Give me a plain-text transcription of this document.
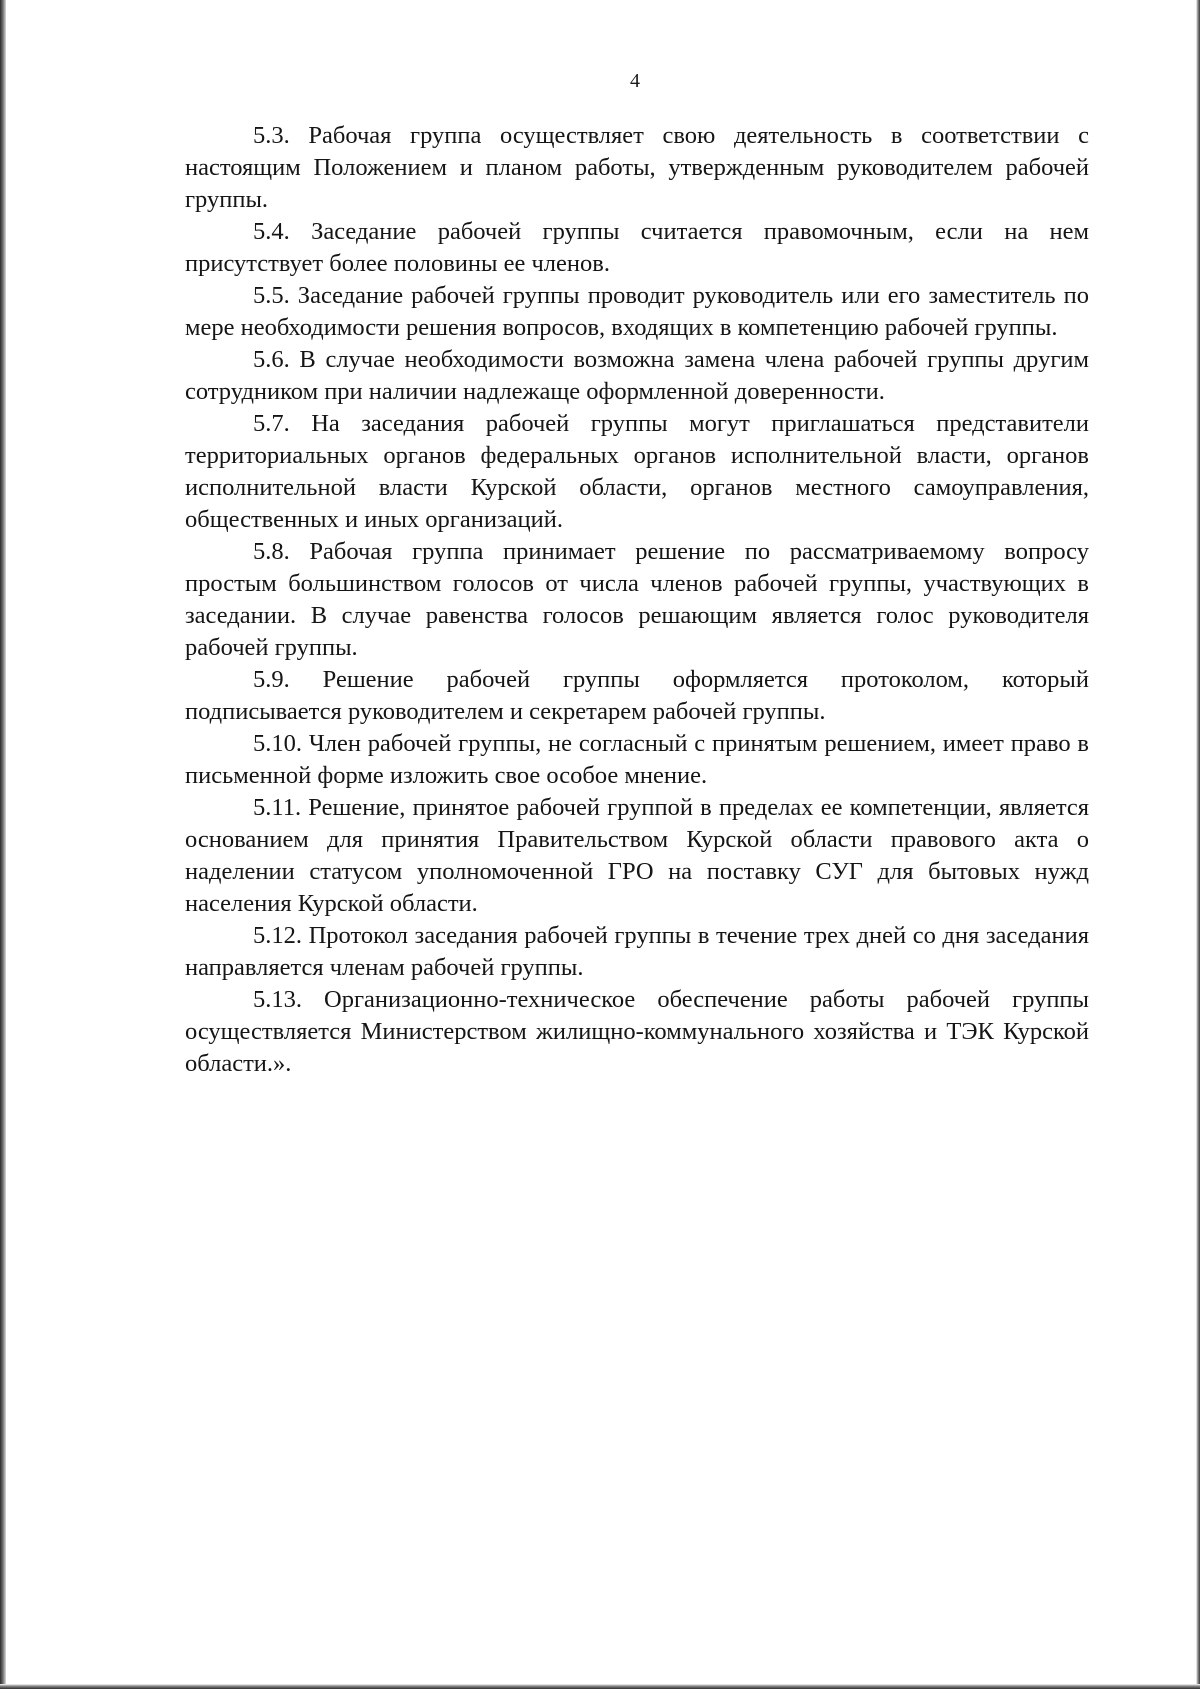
4

5.3. Рабочая группа осуществляет свою деятельность в соответствии с настоящим Положением и планом работы, утвержденным руководителем рабочей группы.

5.4. Заседание рабочей группы считается правомочным, если на нем присутствует более половины ее членов.

5.5. Заседание рабочей группы проводит руководитель или его заместитель по мере необходимости решения вопросов, входящих в компетенцию рабочей группы.

5.6. В случае необходимости возможна замена члена рабочей группы другим сотрудником при наличии надлежаще оформленной доверенности.

5.7. На заседания рабочей группы могут приглашаться представители территориальных органов федеральных органов исполнительной власти, органов исполнительной власти Курской области, органов местного самоуправления, общественных и иных организаций.

5.8. Рабочая группа принимает решение по рассматриваемому вопросу простым большинством голосов от числа членов рабочей группы, участвующих в заседании. В случае равенства голосов решающим является голос руководителя рабочей группы.

5.9. Решение рабочей группы оформляется протоколом, который подписывается руководителем и секретарем рабочей группы.

5.10. Член рабочей группы, не согласный с принятым решением, имеет право в письменной форме изложить свое особое мнение.

5.11. Решение, принятое рабочей группой в пределах ее компетенции, является основанием для принятия Правительством Курской области правового акта о наделении статусом уполномоченной ГРО на поставку СУГ для бытовых нужд населения Курской области.

5.12. Протокол заседания рабочей группы в течение трех дней со дня заседания направляется членам рабочей группы.

5.13. Организационно-техническое обеспечение работы рабочей группы осуществляется Министерством жилищно-коммунального хозяйства и ТЭК Курской области.».
